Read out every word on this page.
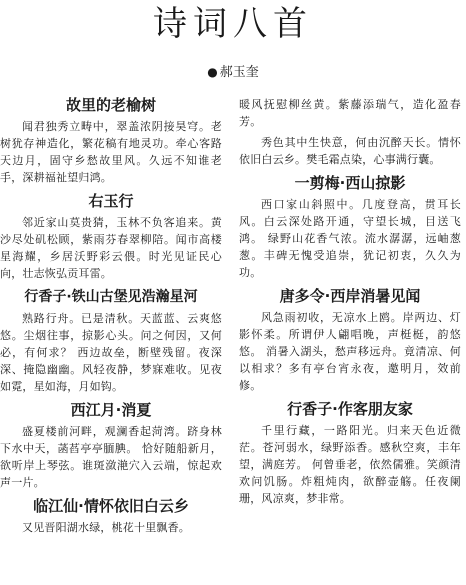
诗词八首
● 郝玉奎
故里的老榆树

闻君独秀立畴中，翠盖浓阴接昊穹。老树犹存神造化，繁花稿有地灵功。牵心客路天边月，固守乡愁故里风。久远不知谁老手，深耕福祉望归鸿。

右玉行

邻近家山莫贵猜，玉林不负客追来。黄沙尽处矶松顾，紫雨芬春翠柳陪。闻市高楼星海耀，乡居沃野彩云偎。时光见证民心向，壮志恢弘贡耳雷。

行香子·铁山古堡见浩瀚星河

熟路行舟。已是清秋。天蓝蓝、云爽悠悠。尘烟往事，掠影心头。问之何因，又何必，有何求？ 西边故垒，断壁残留。夜深深、掩隐幽幽。风轻夜静，梦寐难收。见夜如霓，星如海，月如钩。

西江月·消夏

盛夏楼前河畔，观澜香起菏湾。跻身林下水中天，菡萏亭亭腼腆。 恰好随船新月，欲听岸上琴弦。谁斑潋滟穴入云端，惊起欢声一片。

临江仙·情怀依旧白云乡

又见晋阳湖水绿，桃花十里飘香。

暖风抚慰柳丝黄。紫藤添瑞气，造化盈春芳。

秀色其中生快意，何由沉醉天长。情怀依旧白云乡。樊毛霜点染，心事满行囊。

一剪梅·西山掠影

西口家山斜照中。几度登高，贯耳长风。白云深处路开通，守望长城，目送飞鸿。 绿野山花香气浓。流水潺潺，远岫葱葱。丰碑无愧受追崇，犹记初衷，久久为功。

唐多令·西岸消暑见闻

风急雨初收，无凉水上鸥。岸两边、灯影怀柔。所谓伊人翩唱晚，声梃梃，韵悠悠。 消暑入湖头，愁声移远舟。竟清凉、何以相求？多有亭台宵永夜，邀明月，效前修。

行香子·作客朋友家

千里行藏，一路阳光。归来天色近微茫。苍河弱水，绿野添香。感秋空爽，丰年望，满庭芳。 何曾垂老，依然儒雅。笑颜清欢问饥肠。炸粗炖肉，欲醉壶觞。任夜阑珊，风凉爽，梦非常。
